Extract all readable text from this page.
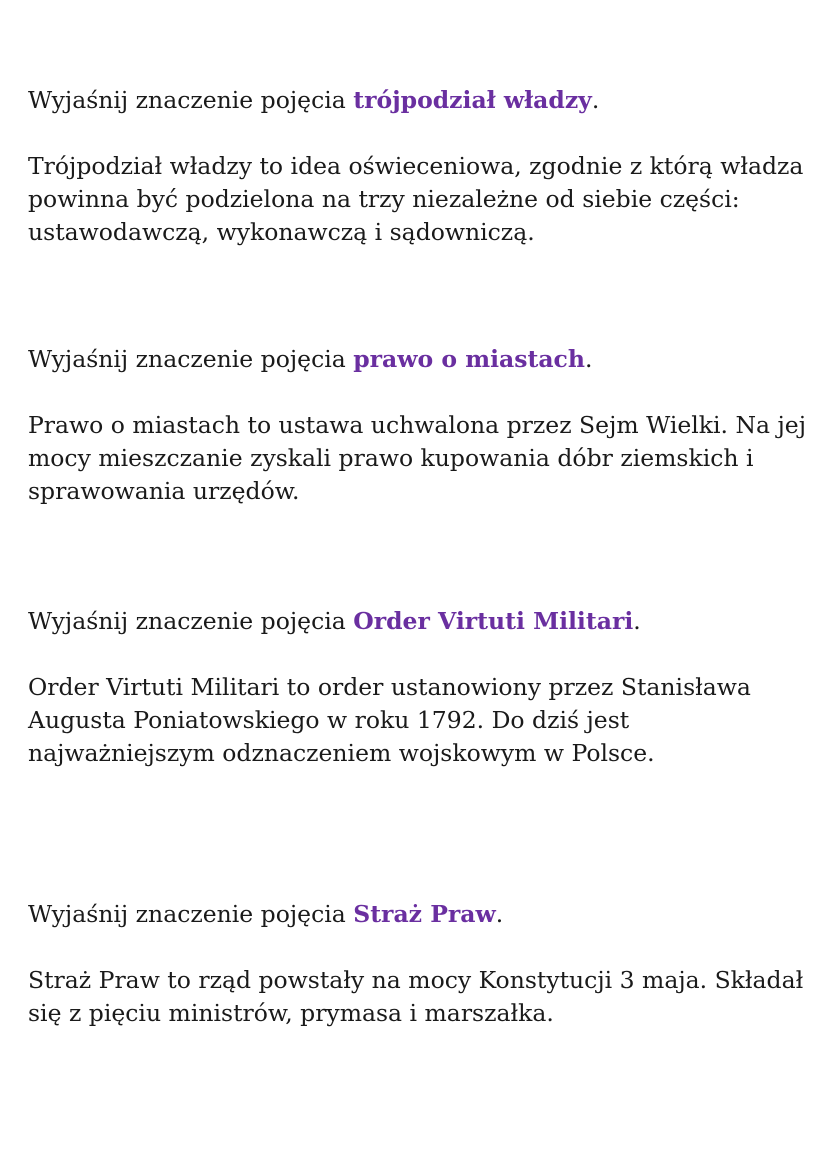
Wyjaśnij znaczenie pojęcia trójpodział władzy.

Trójpodział władzy to idea oświeceniowa, zgodnie z którą władza powinna być podzielona na trzy niezależne od siebie części: ustawodawczą, wykonawczą i sądowniczą.

Wyjaśnij znaczenie pojęcia prawo o miastach.

Prawo o miastach to ustawa uchwalona przez Sejm Wielki. Na jej mocy mieszczanie zyskali prawo kupowania dóbr ziemskich i sprawowania urzędów.

Wyjaśnij znaczenie pojęcia Order Virtuti Militari.

Order Virtuti Militari to order ustanowiony przez Stanisława Augusta Poniatowskiego w roku 1792. Do dziś jest najważniejszym odznaczeniem wojskowym w Polsce.

Wyjaśnij znaczenie pojęcia Straż Praw.

Straż Praw to rząd powstały na mocy Konstytucji 3 maja. Składał się z pięciu ministrów, prymasa i marszałka.
